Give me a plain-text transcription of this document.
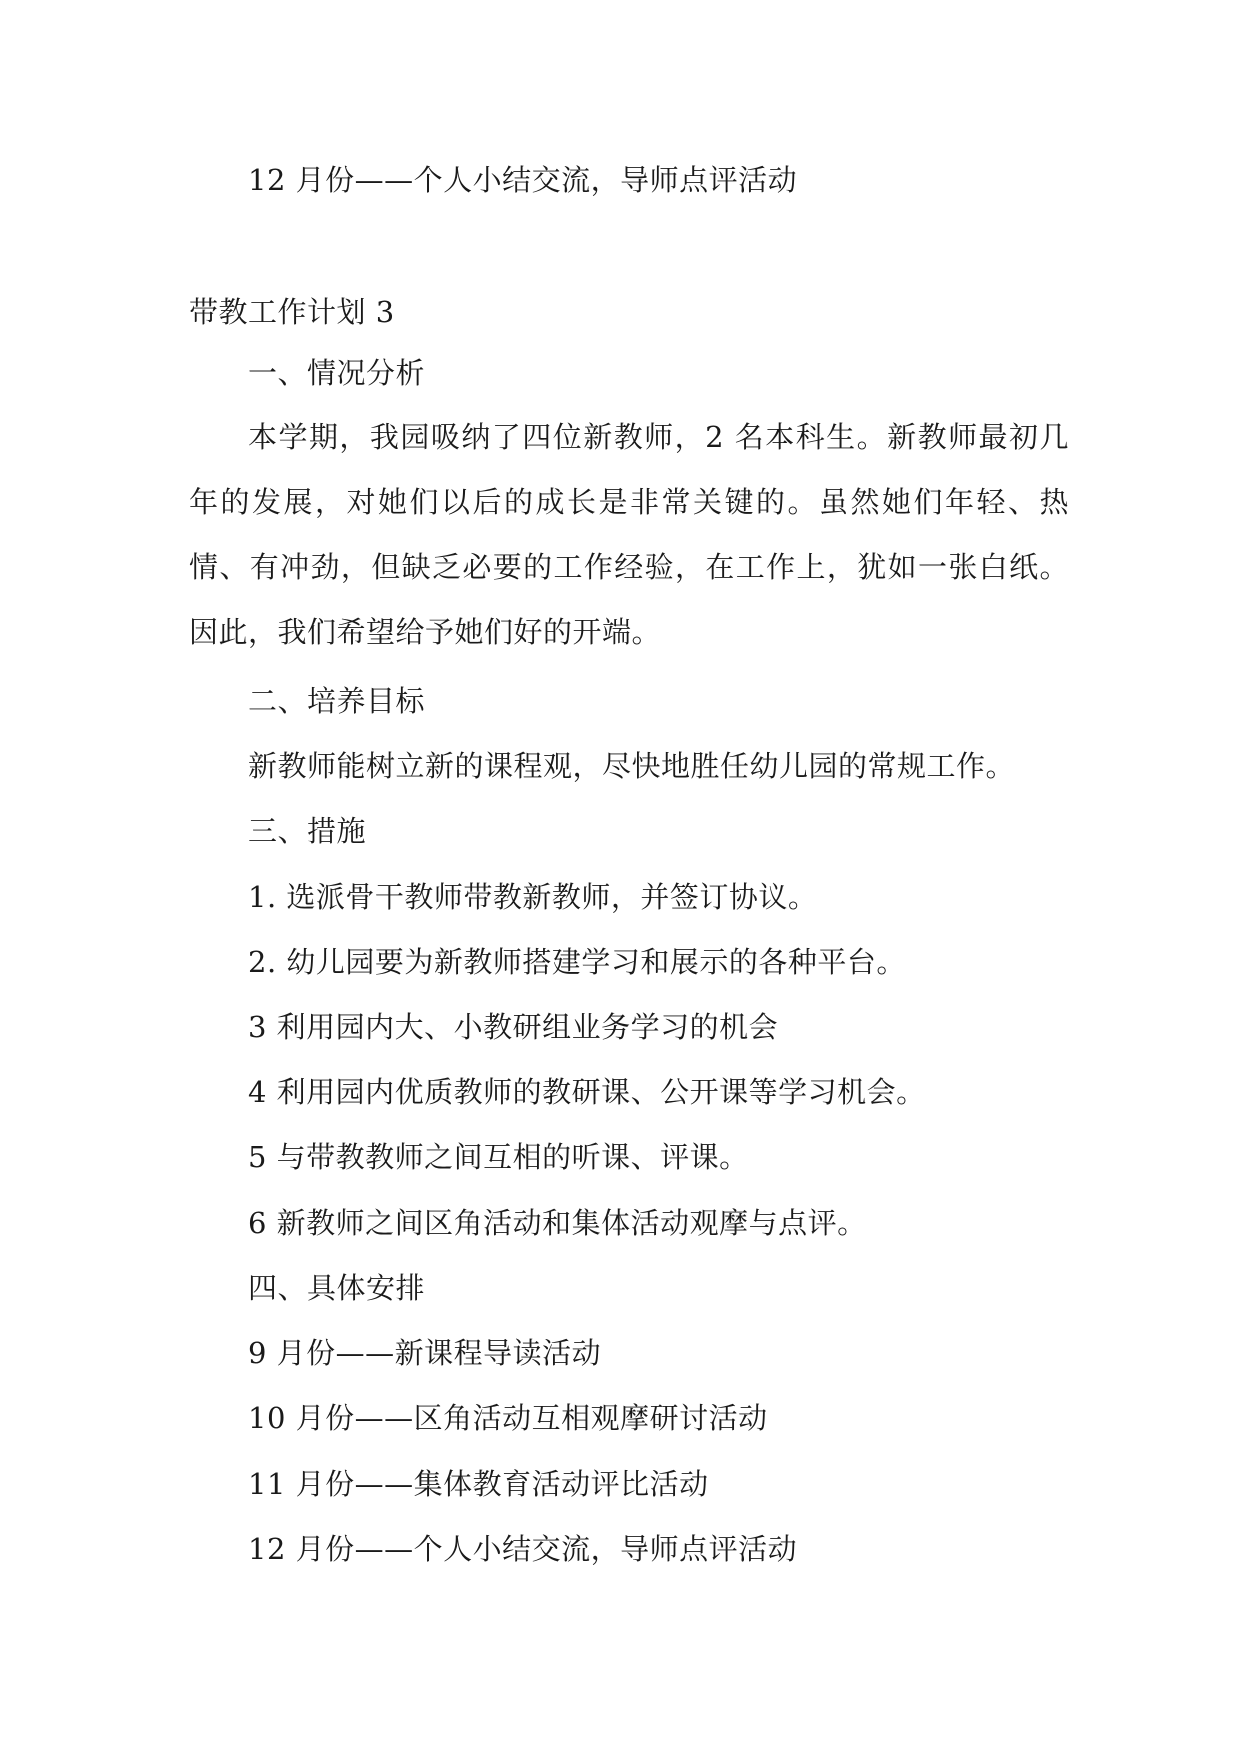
12 月份——个人小结交流，导师点评活动
带教工作计划 3
一、情况分析
本学期，我园吸纳了四位新教师，2 名本科生。新教师最初几年的发展，对她们以后的成长是非常关键的。虽然她们年轻、热情、有冲劲，但缺乏必要的工作经验，在工作上，犹如一张白纸。因此，我们希望给予她们好的开端。
二、培养目标
新教师能树立新的课程观，尽快地胜任幼儿园的常规工作。
三、措施
1. 选派骨干教师带教新教师，并签订协议。
2. 幼儿园要为新教师搭建学习和展示的各种平台。
3 利用园内大、小教研组业务学习的机会
4 利用园内优质教师的教研课、公开课等学习机会。
5 与带教教师之间互相的听课、评课。
6 新教师之间区角活动和集体活动观摩与点评。
四、具体安排
9 月份——新课程导读活动
10 月份——区角活动互相观摩研讨活动
11 月份——集体教育活动评比活动
12 月份——个人小结交流，导师点评活动
